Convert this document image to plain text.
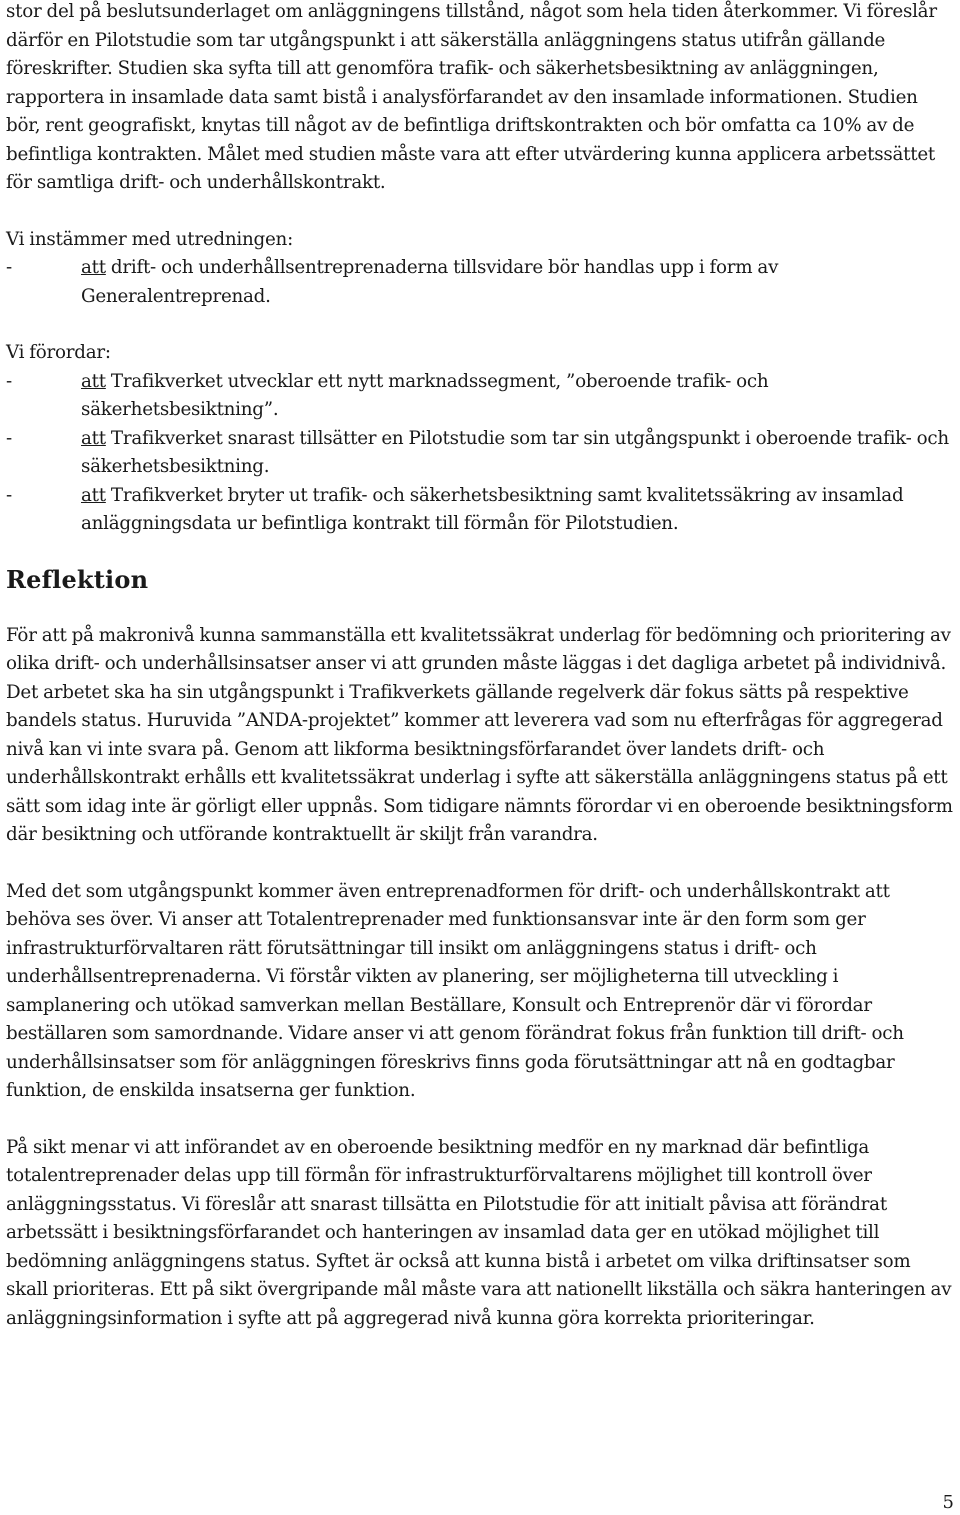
stor del på beslutsunderlaget om anläggningens tillstånd, något som hela tiden återkommer. Vi föreslår därför en Pilotstudie som tar utgångspunkt i att säkerställa anläggningens status utifrån gällande föreskrifter. Studien ska syfta till att genomföra trafik- och säkerhetsbesiktning av anläggningen, rapportera in insamlade data samt bistå i analysförfarandet av den insamlade informationen. Studien bör, rent geografiskt, knytas till något av de befintliga driftskontrakten och bör omfatta ca 10% av de befintliga kontrakten. Målet med studien måste vara att efter utvärdering kunna applicera arbetssättet för samtliga drift- och underhållskontrakt.

Vi instämmer med utredningen:

-	att drift- och underhållsentreprenaderna tillsvidare bör handlas upp i form av Generalentreprenad.

Vi förordar:

-	att Trafikverket utvecklar ett nytt marknadssegment, ”oberoende trafik- och säkerhetsbesiktning”.
-	att Trafikverket snarast tillsätter en Pilotstudie som tar sin utgångspunkt i oberoende trafik- och säkerhetsbesiktning.
-	att Trafikverket bryter ut trafik- och säkerhetsbesiktning samt kvalitetssäkring av insamlad anläggningsdata ur befintliga kontrakt till förmån för Pilotstudien.
Reflektion

För att på makronivå kunna sammanställa ett kvalitetssäkrat underlag för bedömning och prioritering av olika drift- och underhållsinsatser anser vi att grunden måste läggas i det dagliga arbetet på individnivå. Det arbetet ska ha sin utgångspunkt i Trafikverkets gällande regelverk där fokus sätts på respektive bandels status. Huruvida ”ANDA-projektet” kommer att leverera vad som nu efterfrågas för aggregerad nivå kan vi inte svara på. Genom att likforma besiktningsförfarandet över landets drift- och underhållskontrakt erhålls ett kvalitetssäkrat underlag i syfte att säkerställa anläggningens status på ett sätt som idag inte är görligt eller uppnås. Som tidigare nämnts förordar vi en oberoende besiktningsform där besiktning och utförande kontraktuellt är skiljt från varandra.

Med det som utgångspunkt kommer även entreprenadformen för drift- och underhållskontrakt att behöva ses över. Vi anser att Totalentreprenader med funktionsansvar inte är den form som ger infrastrukturförvaltaren rätt förutsättningar till insikt om anläggningens status i drift- och underhållsentreprenaderna. Vi förstår vikten av planering, ser möjligheterna till utveckling i samplanering och utökad samverkan mellan Beställare, Konsult och Entreprenör där vi förordar beställaren som samordnande. Vidare anser vi att genom förändrat fokus från funktion till drift- och underhållsinsatser som för anläggningen föreskrivs finns goda förutsättningar att nå en godtagbar funktion, de enskilda insatserna ger funktion.

På sikt menar vi att införandet av en oberoende besiktning medför en ny marknad där befintliga totalentreprenader delas upp till förmån för infrastrukturförvaltarens möjlighet till kontroll över anläggningsstatus. Vi föreslår att snarast tillsätta en Pilotstudie för att initialt påvisa att förändrat arbetssätt i besiktningsförfarandet och hanteringen av insamlad data ger en utökad möjlighet till bedömning anläggningens status. Syftet är också att kunna bistå i arbetet om vilka driftinsatser som skall prioriteras. Ett på sikt övergripande mål måste vara att nationellt likställa och säkra hanteringen av anläggningsinformation i syfte att på aggregerad nivå kunna göra korrekta prioriteringar.

5
